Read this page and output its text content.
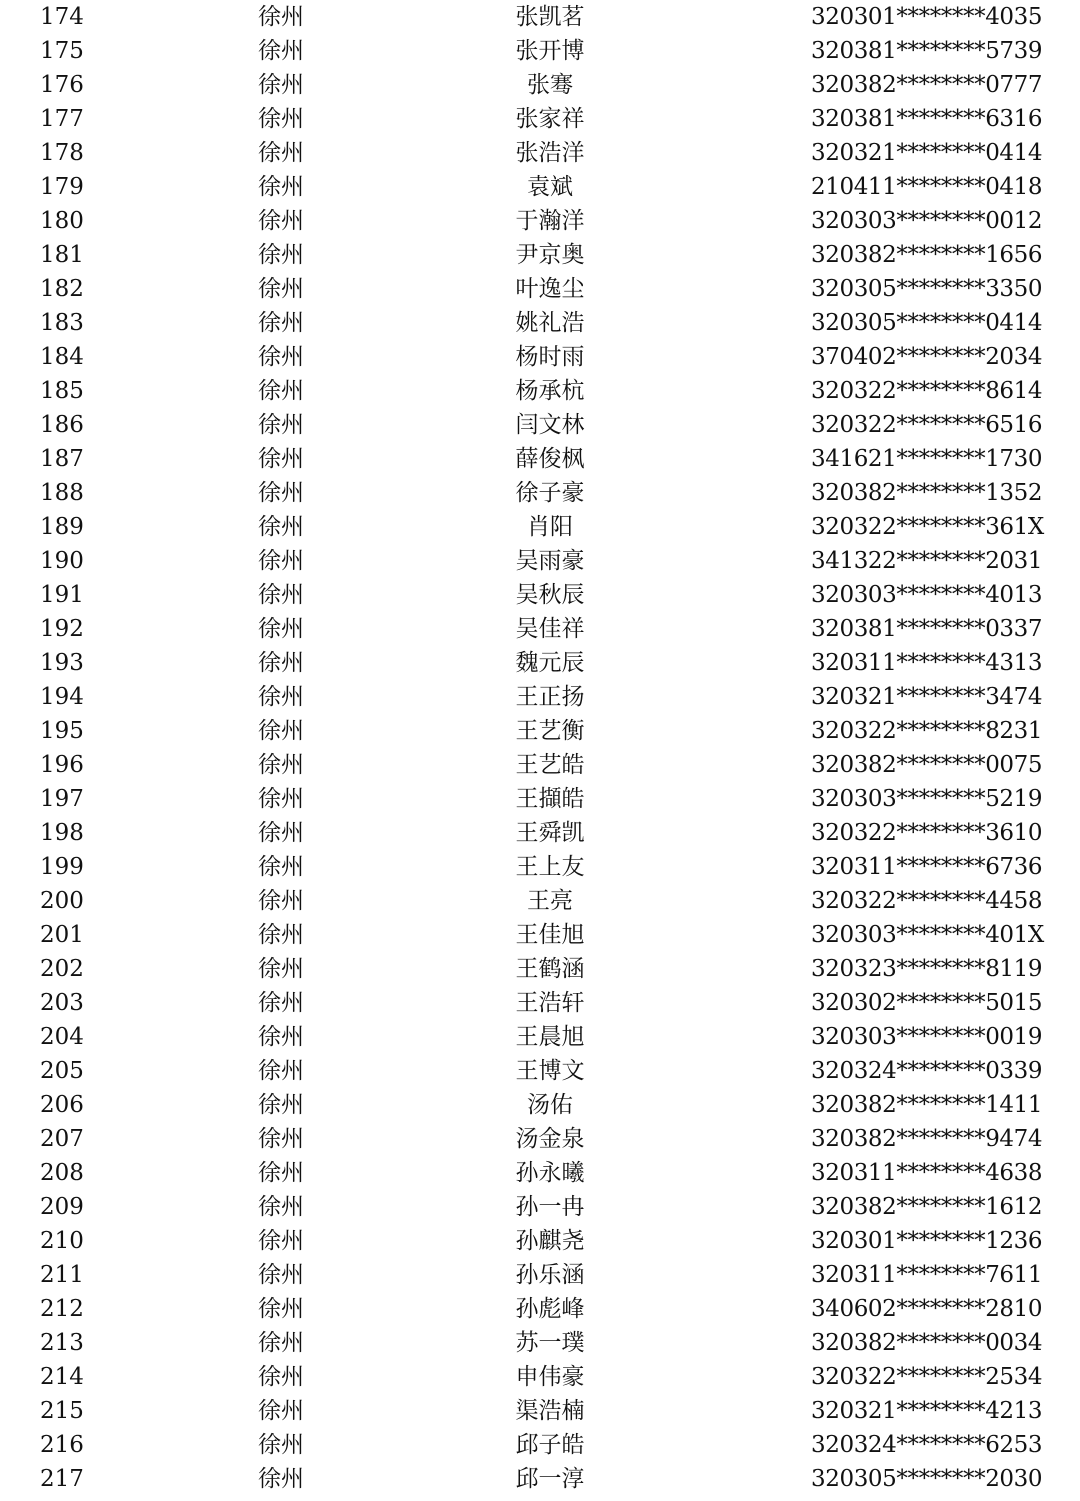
174	徐州	张凯茗	320301********4035
175	徐州	张开博	320381********5739
176	徐州	张骞	320382********0777
177	徐州	张家祥	320381********6316
178	徐州	张浩洋	320321********0414
179	徐州	袁斌	210411********0418
180	徐州	于瀚洋	320303********0012
181	徐州	尹京奥	320382********1656
182	徐州	叶逸尘	320305********3350
183	徐州	姚礼浩	320305********0414
184	徐州	杨时雨	370402********2034
185	徐州	杨承杭	320322********8614
186	徐州	闫文林	320322********6516
187	徐州	薛俊枫	341621********1730
188	徐州	徐子豪	320382********1352
189	徐州	肖阳	320322********361X
190	徐州	吴雨豪	341322********2031
191	徐州	吴秋辰	320303********4013
192	徐州	吴佳祥	320381********0337
193	徐州	魏元辰	320311********4313
194	徐州	王正扬	320321********3474
195	徐州	王艺衡	320322********8231
196	徐州	王艺皓	320382********0075
197	徐州	王擷皓	320303********5219
198	徐州	王舜凯	320322********3610
199	徐州	王上友	320311********6736
200	徐州	王亮	320322********4458
201	徐州	王佳旭	320303********401X
202	徐州	王鹤涵	320323********8119
203	徐州	王浩轩	320302********5015
204	徐州	王晨旭	320303********0019
205	徐州	王博文	320324********0339
206	徐州	汤佑	320382********1411
207	徐州	汤金泉	320382********9474
208	徐州	孙永曦	320311********4638
209	徐州	孙一冉	320382********1612
210	徐州	孙麒尧	320301********1236
211	徐州	孙乐涵	320311********7611
212	徐州	孙彪峰	340602********2810
213	徐州	苏一璞	320382********0034
214	徐州	申伟豪	320322********2534
215	徐州	渠浩楠	320321********4213
216	徐州	邱子皓	320324********6253
217	徐州	邱一淳	320305********2030
